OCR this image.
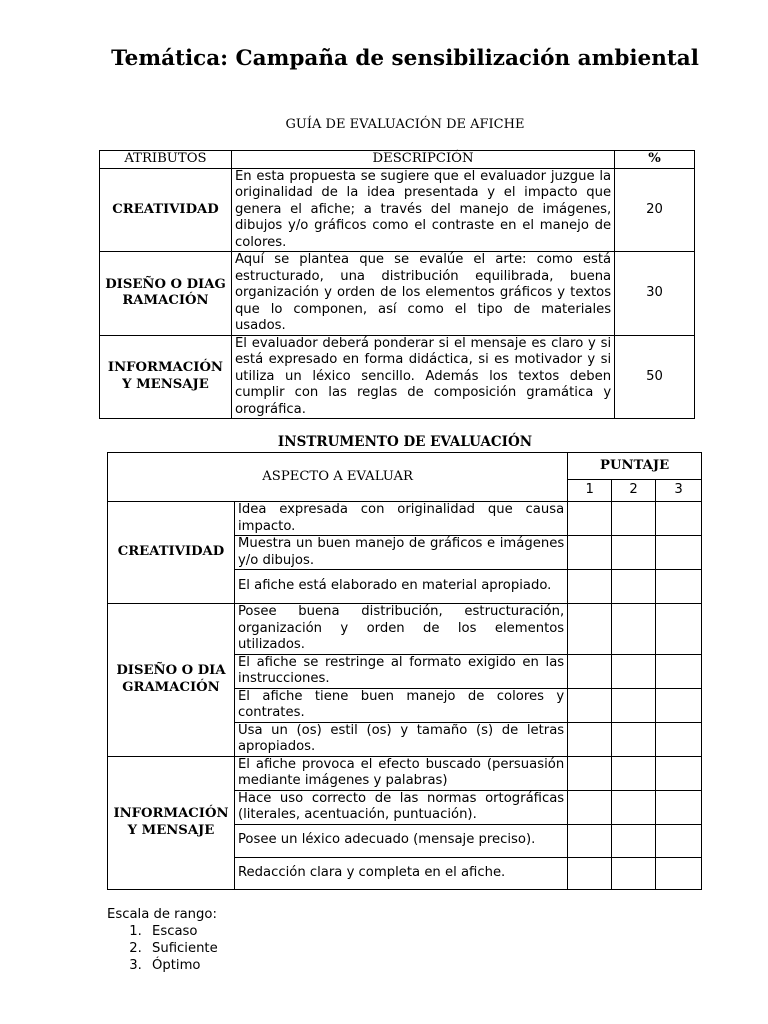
Temática: Campaña de sensibilización ambiental
GUÍA DE EVALUACIÓN DE AFICHE
ATRIBUTOS	DESCRIPCIÓN	%
CREATIVIDAD	En esta propuesta se sugiere que el evaluador juzgue la originalidad de la idea presentada y el impacto que genera el afiche; a través del manejo de imágenes, dibujos y/o gráficos como el contraste en el manejo de colores.	20
DISEÑO O DIAGRAMACIÓN	Aquí se plantea que se evalúe el arte: como está estructurado, una distribución equilibrada, buena organización y orden de los elementos gráficos y textos que lo componen, así como el tipo de materiales usados.	30
INFORMACIÓN Y MENSAJE	El evaluador deberá ponderar si el mensaje es claro y si está expresado en forma didáctica, si es motivador y si utiliza un léxico sencillo. Además los textos deben cumplir con las reglas de composición gramática y orográfica.	50
INSTRUMENTO DE EVALUACIÓN
ASPECTO A EVALUAR		PUNTAJE		
		1	2	3
CREATIVIDAD	Idea expresada con originalidad que causa impacto.			
	Muestra un buen manejo de gráficos e imágenes y/o dibujos.			
	El afiche está elaborado en material apropiado.			
DISEÑO O DIAGRAMACIÓN	Posee buena distribución, estructuración, organización y orden de los elementos utilizados.			
	El afiche se restringe al formato exigido en las instrucciones.			
	El afiche tiene buen manejo de colores y contrates.			
	Usa un (os) estil (os) y tamaño (s) de letras apropiados.			
INFORMACIÓN Y MENSAJE	El afiche provoca el efecto buscado (persuasión mediante imágenes y palabras)			
	Hace uso correcto de las normas ortográficas (literales, acentuación, puntuación).			
	Posee un léxico adecuado (mensaje preciso).			
	Redacción clara y completa en el afiche.			
Escala de rango:
1. Escaso
2. Suficiente
3. Óptimo
